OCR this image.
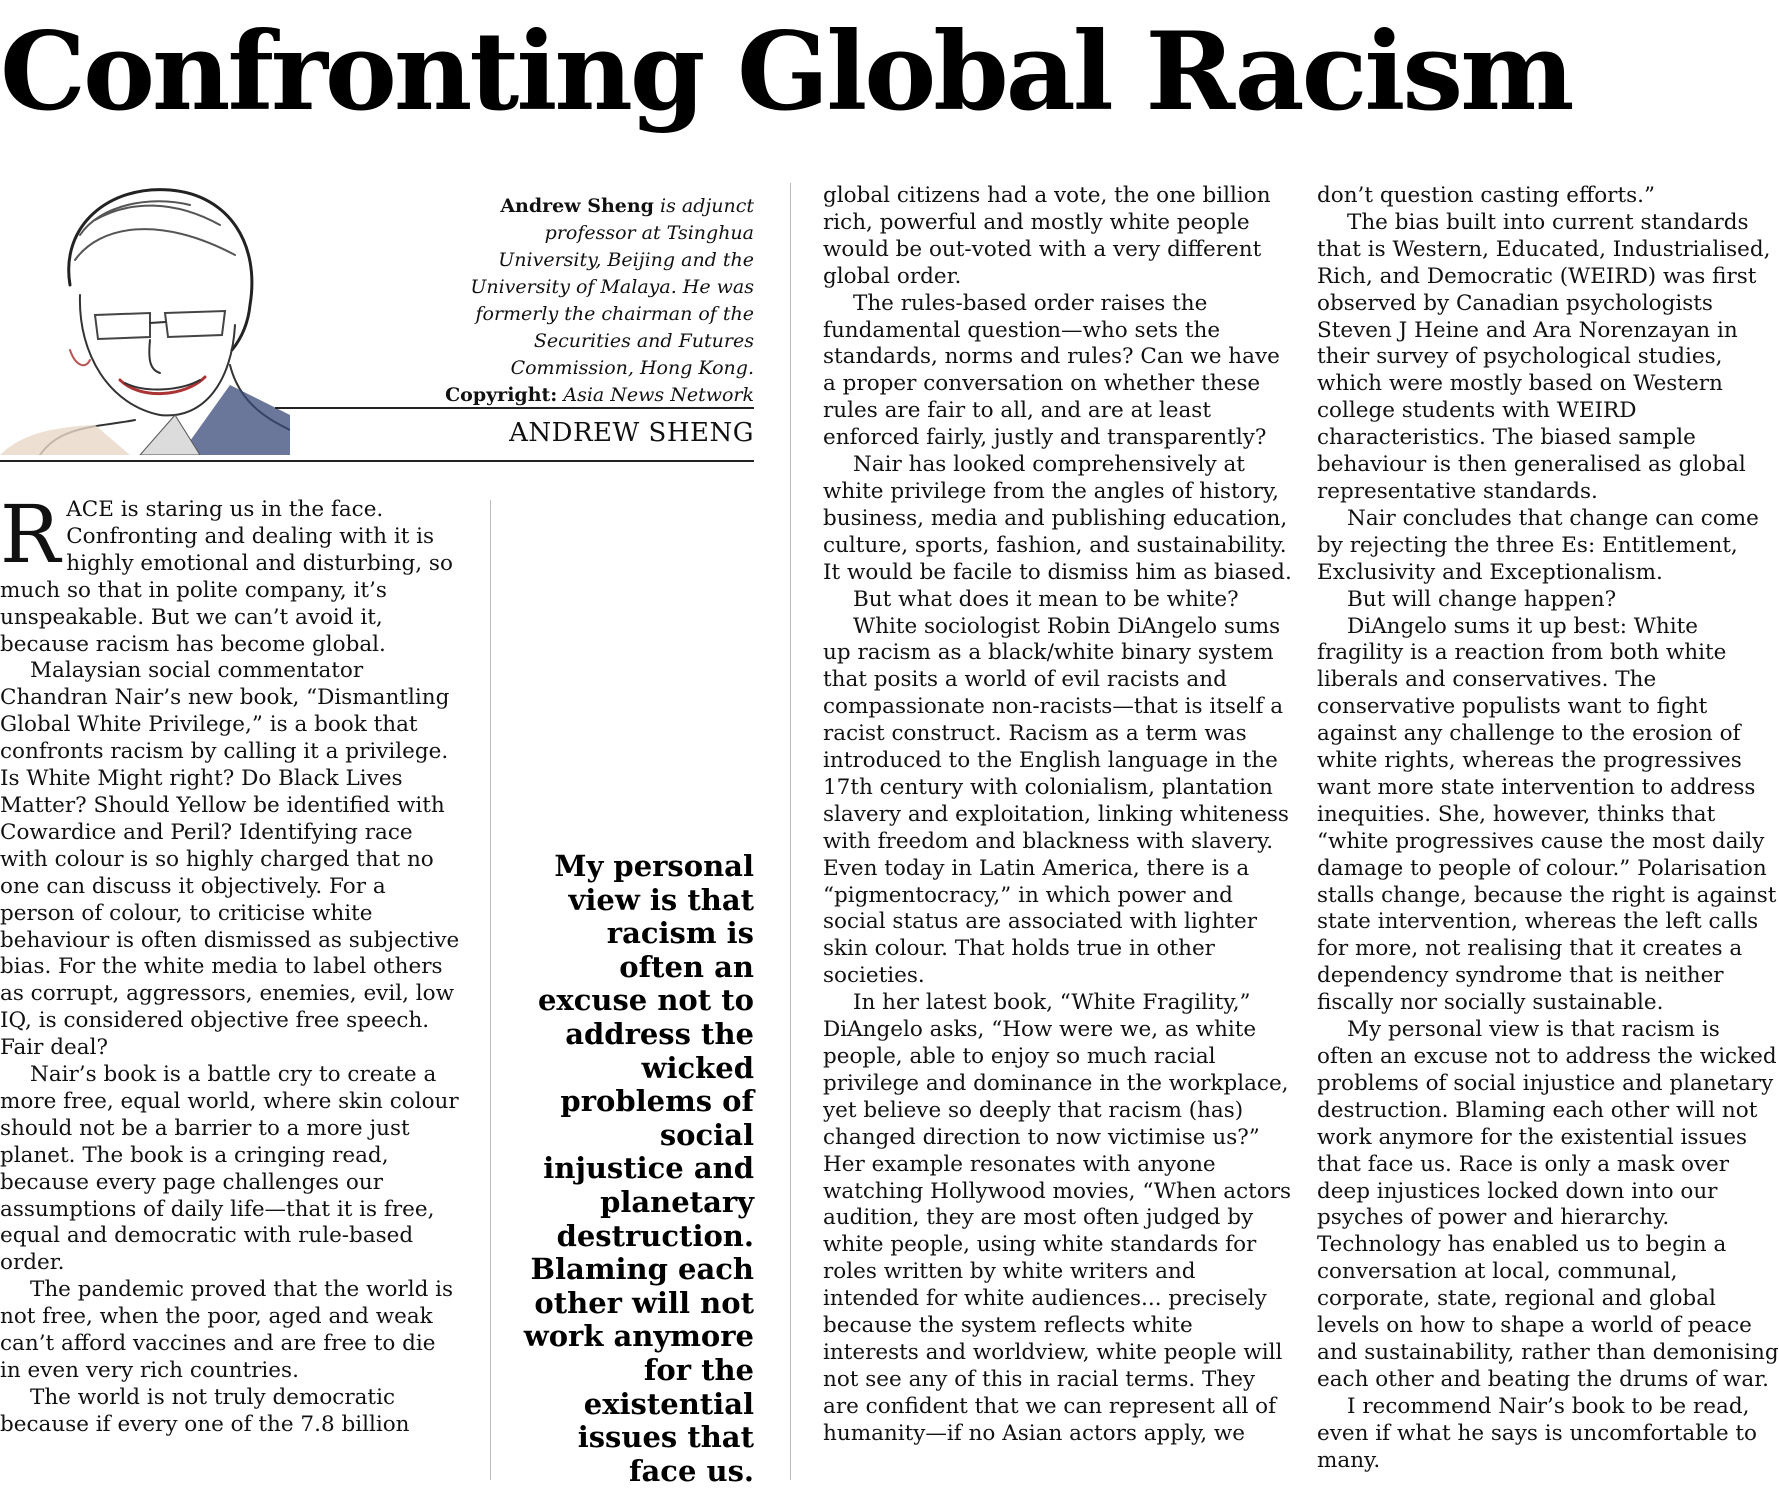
Confronting Global Racism

Andrew Sheng is adjunct professor at Tsinghua University, Beijing and the University of Malaya. He was formerly the chairman of the Securities and Futures Commission, Hong Kong.

Copyright: Asia News Network

ANDREW SHENG

RACE is staring us in the face. Confronting and dealing with it is highly emotional and disturbing, so much so that in polite company, it’s unspeakable. But we can’t avoid it, because racism has become global.

Malaysian social commentator Chandran Nair’s new book, “Dismantling Global White Privilege,” is a book that confronts racism by calling it a privilege. Is White Might right? Do Black Lives Matter? Should Yellow be identified with Cowardice and Peril? Identifying race with colour is so highly charged that no one can discuss it objectively. For a person of colour, to criticise white behaviour is often dismissed as subjective bias. For the white media to label others as corrupt, aggressors, enemies, evil, low IQ, is considered objective free speech. Fair deal?

Nair’s book is a battle cry to create a more free, equal world, where skin colour should not be a barrier to a more just planet. The book is a cringing read, because every page challenges our assumptions of daily life—that it is free, equal and democratic with rule-based order.

The pandemic proved that the world is not free, when the poor, aged and weak can’t afford vaccines and are free to die in even very rich countries.

The world is not truly democratic because if every one of the 7.8 billion

My personal view is that racism is often an excuse not to address the wicked problems of social injustice and planetary destruction. Blaming each other will not work anymore for the existential issues that face us.

global citizens had a vote, the one billion rich, powerful and mostly white people would be out-voted with a very different global order.

The rules-based order raises the fundamental question—who sets the standards, norms and rules? Can we have a proper conversation on whether these rules are fair to all, and are at least enforced fairly, justly and transparently?

Nair has looked comprehensively at white privilege from the angles of history, business, media and publishing education, culture, sports, fashion, and sustainability. It would be facile to dismiss him as biased.

But what does it mean to be white?

White sociologist Robin DiAngelo sums up racism as a black/white binary system that posits a world of evil racists and compassionate non-racists—that is itself a racist construct. Racism as a term was introduced to the English language in the 17th century with colonialism, plantation slavery and exploitation, linking whiteness with freedom and blackness with slavery. Even today in Latin America, there is a “pigmentocracy,” in which power and social status are associated with lighter skin colour. That holds true in other societies.

In her latest book, “White Fragility,” DiAngelo asks, “How were we, as white people, able to enjoy so much racial privilege and dominance in the workplace, yet believe so deeply that racism (has) changed direction to now victimise us?” Her example resonates with anyone watching Hollywood movies, “When actors audition, they are most often judged by white people, using white standards for roles written by white writers and intended for white audiences... precisely because the system reflects white interests and worldview, white people will not see any of this in racial terms. They are confident that we can represent all of humanity—if no Asian actors apply, we

don’t question casting efforts.”

The bias built into current standards that is Western, Educated, Industrialised, Rich, and Democratic (WEIRD) was first observed by Canadian psychologists Steven J Heine and Ara Norenzayan in their survey of psychological studies, which were mostly based on Western college students with WEIRD characteristics. The biased sample behaviour is then generalised as global representative standards.

Nair concludes that change can come by rejecting the three Es: Entitlement, Exclusivity and Exceptionalism.

But will change happen?

DiAngelo sums it up best: White fragility is a reaction from both white liberals and conservatives. The conservative populists want to fight against any challenge to the erosion of white rights, whereas the progressives want more state intervention to address inequities. She, however, thinks that “white progressives cause the most daily damage to people of colour.” Polarisation stalls change, because the right is against state intervention, whereas the left calls for more, not realising that it creates a dependency syndrome that is neither fiscally nor socially sustainable.

My personal view is that racism is often an excuse not to address the wicked problems of social injustice and planetary destruction. Blaming each other will not work anymore for the existential issues that face us. Race is only a mask over deep injustices locked down into our psyches of power and hierarchy. Technology has enabled us to begin a conversation at local, communal, corporate, state, regional and global levels on how to shape a world of peace and sustainability, rather than demonising each other and beating the drums of war.

I recommend Nair’s book to be read, even if what he says is uncomfortable to many.
